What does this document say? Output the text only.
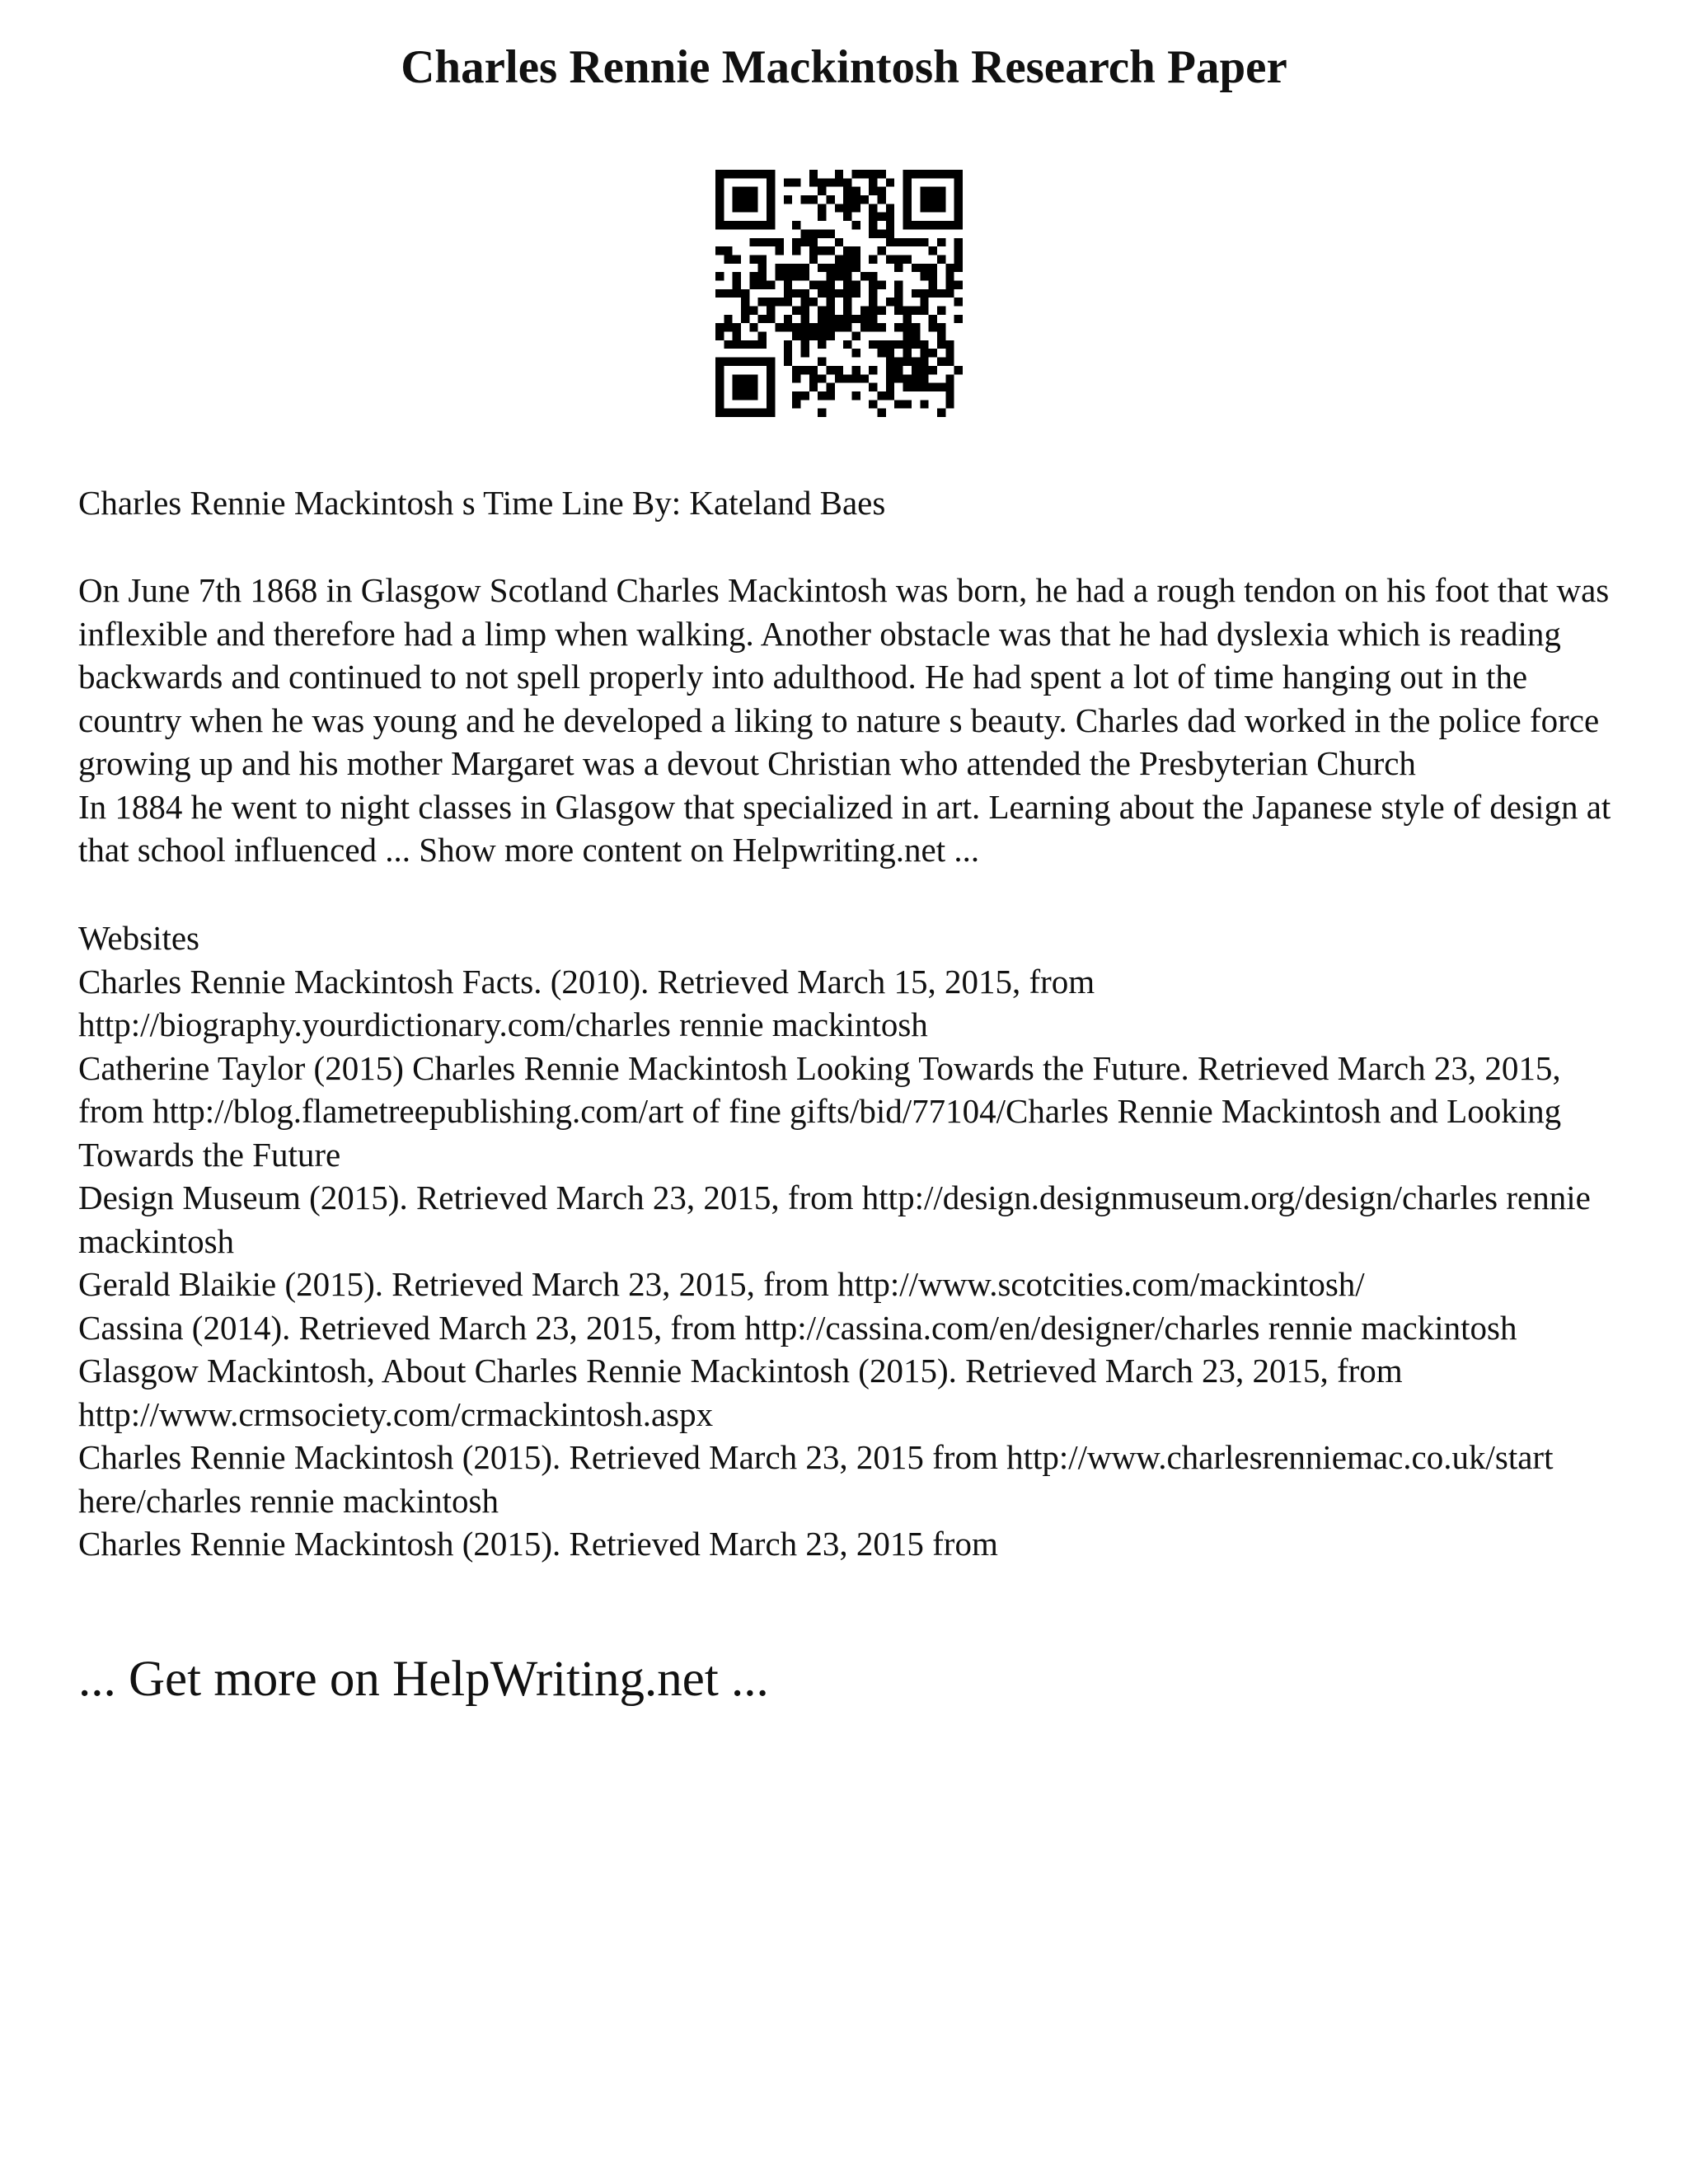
Charles Rennie Mackintosh Research Paper

Charles Rennie Mackintosh s Time Line By: Kateland Baes

On June 7th 1868 in Glasgow Scotland Charles Mackintosh was born, he had a rough tendon on his foot that was inflexible and therefore had a limp when walking. Another obstacle was that he had dyslexia which is reading backwards and continued to not spell properly into adulthood. He had spent a lot of time hanging out in the country when he was young and he developed a liking to nature s beauty. Charles dad worked in the police force growing up and his mother Margaret was a devout Christian who attended the Presbyterian Church

In 1884 he went to night classes in Glasgow that specialized in art. Learning about the Japanese style of design at that school influenced ... Show more content on Helpwriting.net ...

Websites

Charles Rennie Mackintosh Facts. (2010). Retrieved March 15, 2015, from http://biography.yourdictionary.com/charles rennie mackintosh

Catherine Taylor (2015) Charles Rennie Mackintosh Looking Towards the Future. Retrieved March 23, 2015, from http://blog.flametreepublishing.com/art of fine gifts/bid/77104/Charles Rennie Mackintosh and Looking Towards the Future

Design Museum (2015). Retrieved March 23, 2015, from http://design.designmuseum.org/design/charles rennie mackintosh

Gerald Blaikie (2015). Retrieved March 23, 2015, from http://www.scotcities.com/mackintosh/

Cassina (2014). Retrieved March 23, 2015, from http://cassina.com/en/designer/charles rennie mackintosh

Glasgow Mackintosh, About Charles Rennie Mackintosh (2015). Retrieved March 23, 2015, from http://www.crmsociety.com/crmackintosh.aspx

Charles Rennie Mackintosh (2015). Retrieved March 23, 2015 from http://www.charlesrenniemac.co.uk/start here/charles rennie mackintosh

Charles Rennie Mackintosh (2015). Retrieved March 23, 2015 from

... Get more on HelpWriting.net ...
